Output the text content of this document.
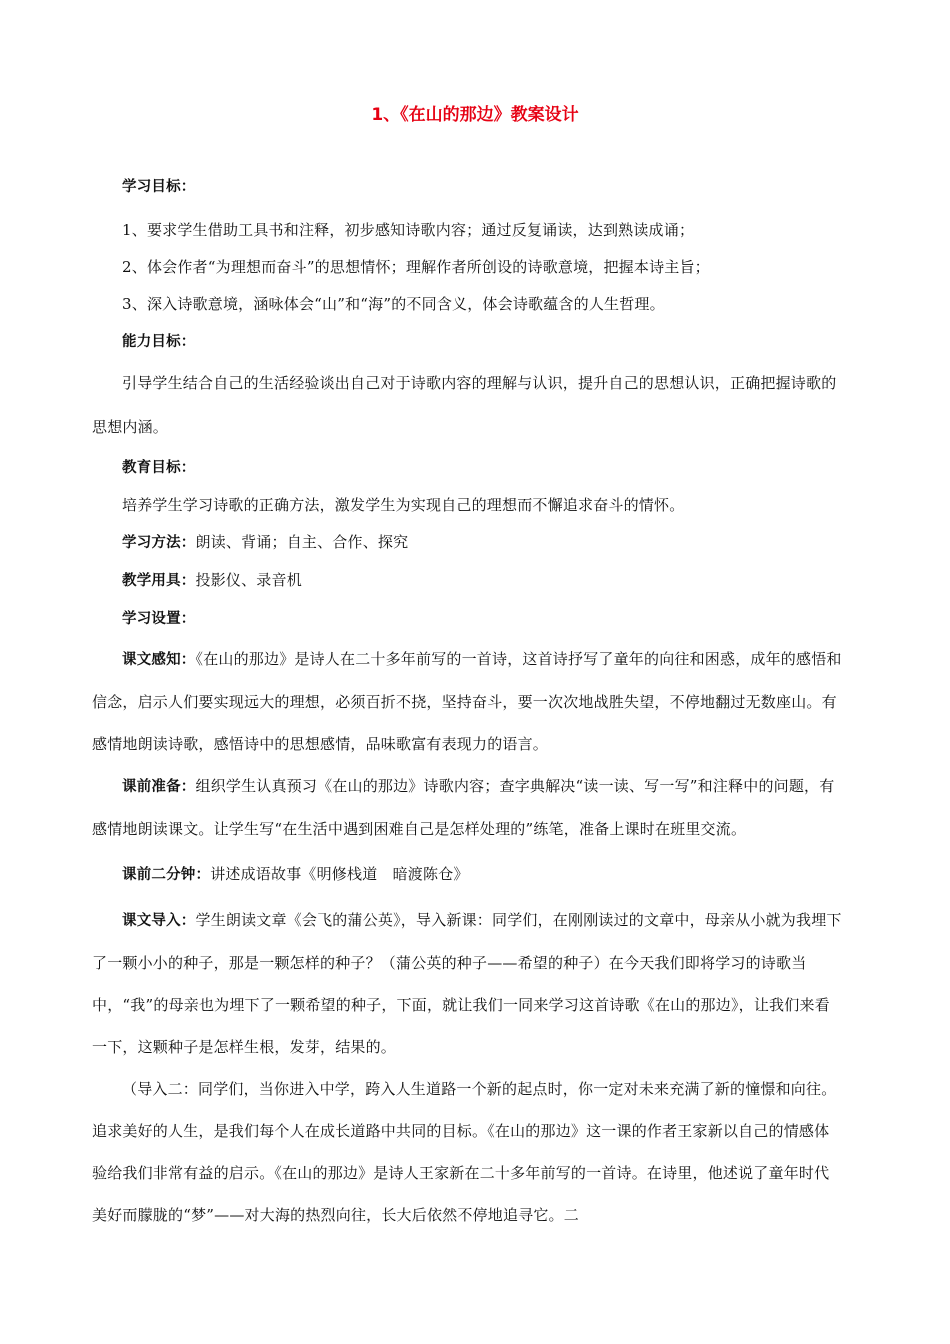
1、《在山的那边》教案设计

学习目标：

1、要求学生借助工具书和注释，初步感知诗歌内容；通过反复诵读，达到熟读成诵；

2、体会作者“为理想而奋斗”的思想情怀；理解作者所创设的诗歌意境，把握本诗主旨；

3、深入诗歌意境，涵咏体会“山”和“海”的不同含义，体会诗歌蕴含的人生哲理。

能力目标：

引导学生结合自己的生活经验谈出自己对于诗歌内容的理解与认识，提升自己的思想认识，正确把握诗歌的思想内涵。

教育目标：

培养学生学习诗歌的正确方法，激发学生为实现自己的理想而不懈追求奋斗的情怀。

学习方法：朗读、背诵；自主、合作、探究

教学用具：投影仪、录音机

学习设置：

课文感知：《在山的那边》是诗人在二十多年前写的一首诗，这首诗抒写了童年的向往和困惑，成年的感悟和信念，启示人们要实现远大的理想，必须百折不挠，坚持奋斗，要一次次地战胜失望，不停地翻过无数座山。有感情地朗读诗歌，感悟诗中的思想感情，品味歌富有表现力的语言。

课前准备：组织学生认真预习《在山的那边》诗歌内容；查字典解决“读一读、写一写”和注释中的问题，有感情地朗读课文。让学生写“在生活中遇到困难自己是怎样处理的”练笔，准备上课时在班里交流。

课前二分钟：讲述成语故事《明修栈道　暗渡陈仓》

课文导入：学生朗读文章《会飞的蒲公英》，导入新课：同学们，在刚刚读过的文章中，母亲从小就为我埋下了一颗小小的种子，那是一颗怎样的种子？（蒲公英的种子——希望的种子）在今天我们即将学习的诗歌当中，“我”的母亲也为埋下了一颗希望的种子，下面，就让我们一同来学习这首诗歌《在山的那边》，让我们来看一下，这颗种子是怎样生根，发芽，结果的。

（导入二：同学们，当你进入中学，跨入人生道路一个新的起点时，你一定对未来充满了新的憧憬和向往。追求美好的人生，是我们每个人在成长道路中共同的目标。《在山的那边》这一课的作者王家新以自己的情感体验给我们非常有益的启示。《在山的那边》是诗人王家新在二十多年前写的一首诗。在诗里，他述说了童年时代美好而朦胧的“梦”——对大海的热烈向往，长大后依然不停地追寻它。二
